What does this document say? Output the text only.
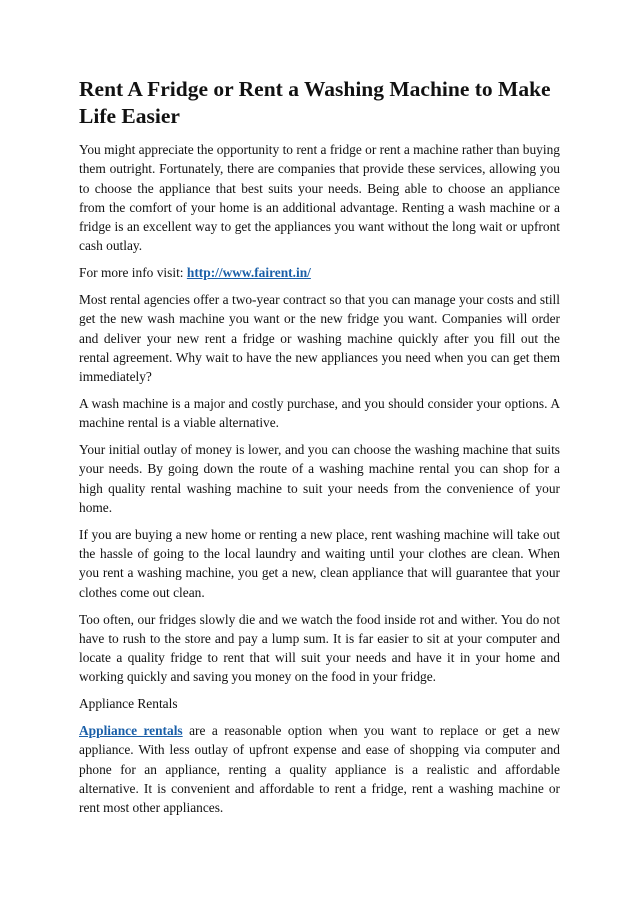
Rent A Fridge or Rent a Washing Machine to Make Life Easier

You might appreciate the opportunity to rent a fridge or rent a machine rather than buying them outright. Fortunately, there are companies that provide these services, allowing you to choose the appliance that best suits your needs. Being able to choose an appliance from the comfort of your home is an additional advantage. Renting a wash machine or a fridge is an excellent way to get the appliances you want without the long wait or upfront cash outlay.

For more info visit: http://www.fairent.in/

Most rental agencies offer a two-year contract so that you can manage your costs and still get the new wash machine you want or the new fridge you want. Companies will order and deliver your new rent a fridge or washing machine quickly after you fill out the rental agreement. Why wait to have the new appliances you need when you can get them immediately?

A wash machine is a major and costly purchase, and you should consider your options. A machine rental is a viable alternative.

Your initial outlay of money is lower, and you can choose the washing machine that suits your needs. By going down the route of a washing machine rental you can shop for a high quality rental washing machine to suit your needs from the convenience of your home.

If you are buying a new home or renting a new place, rent washing machine will take out the hassle of going to the local laundry and waiting until your clothes are clean. When you rent a washing machine, you get a new, clean appliance that will guarantee that your clothes come out clean.

Too often, our fridges slowly die and we watch the food inside rot and wither. You do not have to rush to the store and pay a lump sum. It is far easier to sit at your computer and locate a quality fridge to rent that will suit your needs and have it in your home and working quickly and saving you money on the food in your fridge.

Appliance Rentals

Appliance rentals are a reasonable option when you want to replace or get a new appliance. With less outlay of upfront expense and ease of shopping via computer and phone for an appliance, renting a quality appliance is a realistic and affordable alternative. It is convenient and affordable to rent a fridge, rent a washing machine or rent most other appliances.
